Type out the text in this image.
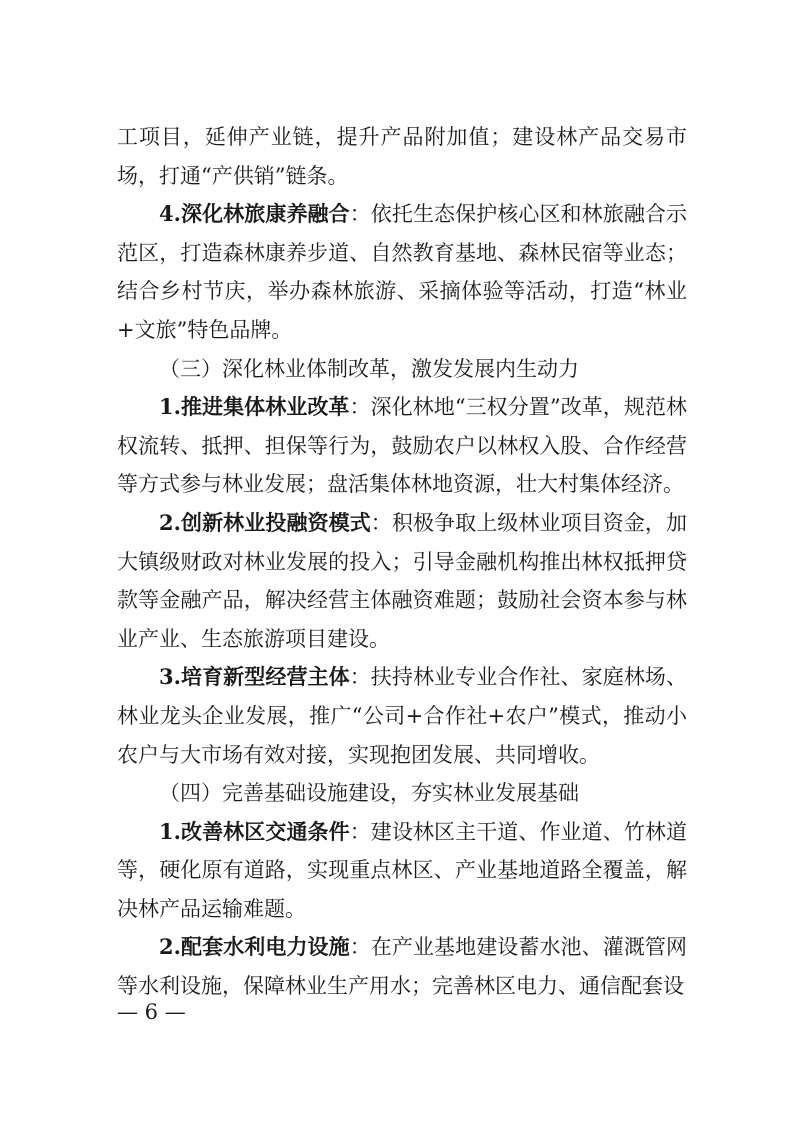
工项目，延伸产业链，提升产品附加值；建设林产品交易市场，打通“产供销”链条。

4.深化林旅康养融合：依托生态保护核心区和林旅融合示范区，打造森林康养步道、自然教育基地、森林民宿等业态；结合乡村节庆，举办森林旅游、采摘体验等活动，打造“林业+文旅”特色品牌。

（三）深化林业体制改革，激发发展内生动力

1.推进集体林业改革：深化林地“三权分置”改革，规范林权流转、抵押、担保等行为，鼓励农户以林权入股、合作经营等方式参与林业发展；盘活集体林地资源，壮大村集体经济。

2.创新林业投融资模式：积极争取上级林业项目资金，加大镇级财政对林业发展的投入；引导金融机构推出林权抵押贷款等金融产品，解决经营主体融资难题；鼓励社会资本参与林业产业、生态旅游项目建设。

3.培育新型经营主体：扶持林业专业合作社、家庭林场、林业龙头企业发展，推广“公司+合作社+农户”模式，推动小农户与大市场有效对接，实现抱团发展、共同增收。

（四）完善基础设施建设，夯实林业发展基础

1.改善林区交通条件：建设林区主干道、作业道、竹林道等，硬化原有道路，实现重点林区、产业基地道路全覆盖，解决林产品运输难题。

2.配套水利电力设施：在产业基地建设蓄水池、灌溉管网等水利设施，保障林业生产用水；完善林区电力、通信配套设

— 6 —
